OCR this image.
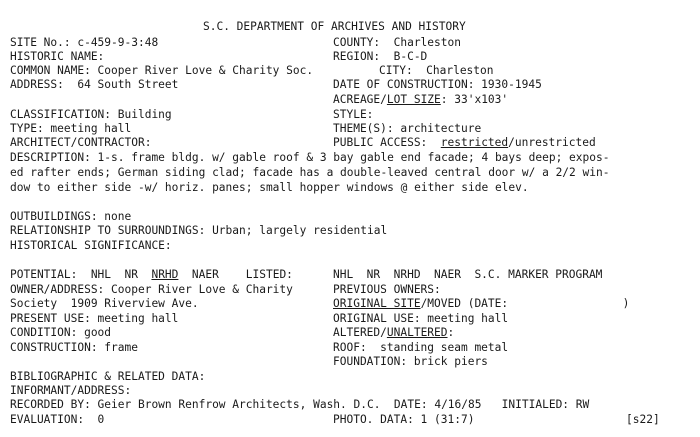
S.C. DEPARTMENT OF ARCHIVES AND HISTORY
SITE No.: c-459-9-3:48	COUNTY:  Charleston
HISTORIC NAME:	REGION:  B-C-D
COMMON NAME: Cooper River Love & Charity Soc.	CITY:  Charleston
ADDRESS:  64 South Street	DATE OF CONSTRUCTION: 1930-1945
ACREAGE/LOT SIZE: 33'x103'
CLASSIFICATION: Building	STYLE:
TYPE: meeting hall	THEME(S): architecture
ARCHITECT/CONTRACTOR:	PUBLIC ACCESS:  restricted/unrestricted
DESCRIPTION: 1-s. frame bldg. w/ gable roof & 3 bay gable end facade; 4 bays deep; expos-
ed rafter ends; German siding clad; facade has a double-leaved central door w/ a 2/2 win-
dow to either side -w/ horiz. panes; small hopper windows @ either side elev.
OUTBUILDINGS: none
RELATIONSHIP TO SURROUNDINGS: Urban; largely residential
HISTORICAL SIGNIFICANCE:
POTENTIAL:  NHL  NR  NRHD  NAER    LISTED:	NHL  NR  NRHD  NAER  S.C. MARKER PROGRAM
OWNER/ADDRESS: Cooper River Love & Charity	PREVIOUS OWNERS:
Society  1909 Riverview Ave.	ORIGINAL SITE/MOVED (DATE:                 )
PRESENT USE: meeting hall	ORIGINAL USE: meeting hall
CONDITION: good	ALTERED/UNALTERED:
CONSTRUCTION: frame	ROOF:  standing seam metal
FOUNDATION: brick piers
BIBLIOGRAPHIC & RELATED DATA:
INFORMANT/ADDRESS:
RECORDED BY: Geier Brown Renfrow Architects, Wash. D.C.  DATE: 4/16/85   INITIALED: RW
EVALUATION:  0	PHOTO. DATA: 1 (31:7)	[s22]
